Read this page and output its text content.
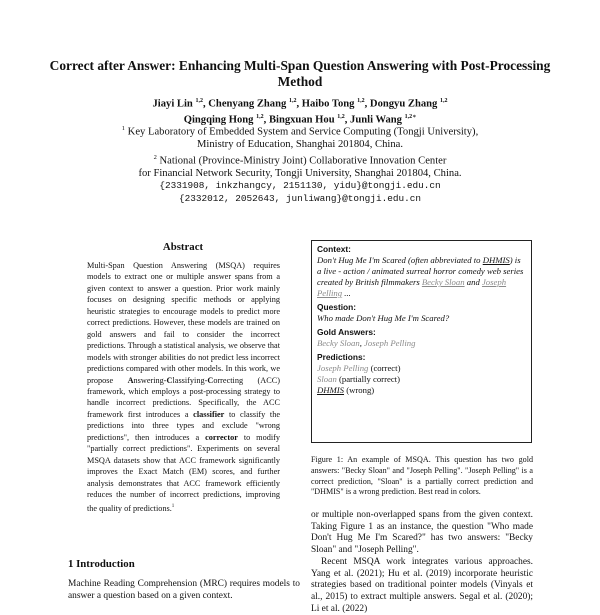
Correct after Answer: Enhancing Multi-Span Question Answering with Post-Processing Method
Jiayi Lin $^{1,2}$, Chenyang Zhang $^{1,2}$, Haibo Tong $^{1,2}$, Dongyu Zhang $^{1,2}$
Qingqing Hong $^{1,2}$, Bingxuan Hou $^{1,2}$, Junli Wang $^{1,2∗}$
$^1$ Key Laboratory of Embedded System and Service Computing (Tongji University),
Ministry of Education, Shanghai 201804, China.
$^2$ National (Province-Ministry Joint) Collaborative Innovation Center
for Financial Network Security, Tongji University, Shanghai 201804, China.
{2331908, inkzhangcy, 2151130, yidu}@tongji.edu.cn
{2332012, 2052643, junliwang}@tongji.edu.cn
Abstract
Multi-Span Question Answering (MSQA) requires models to extract one or multiple answer spans from a given context to answer a question. Prior work mainly focuses on designing specific methods or applying heuristic strategies to encourage models to predict more correct predictions. However, these models are trained on gold answers and fail to consider the incorrect predictions. Through a statistical analysis, we observe that models with stronger abilities do not predict less incorrect predictions compared with other models. In this work, we propose Answering-Classifying-Correcting (ACC) framework, which employs a post-processing strategy to handle incorrect predictions. Specifically, the ACC framework first introduces a classifier to classify the predictions into three types and exclude "wrong predictions", then introduces a corrector to modify "partially correct predictions". Experiments on several MSQA datasets show that ACC framework significantly improves the Exact Match (EM) scores, and further analysis demonstrates that ACC framework efficiently reduces the number of incorrect predictions, improving the quality of predictions.$^1$
Context:
Don't Hug Me I'm Scared (often abbreviated to DHMIS) is a live - action / animated surreal horror comedy web series created by British filmmakers Becky Sloan and Joseph Pelling ...
Question:
Who made Don't Hug Me I'm Scared?
Gold Answers:
Becky Sloan, Joseph Pelling
Predictions:
Joseph Pelling (correct)
Sloan (partially correct)
DHMIS (wrong)
Figure 1: An example of MSQA. This question has two gold answers: "Becky Sloan" and "Joseph Pelling". "Joseph Pelling" is a correct prediction, "Sloan" is a partially correct prediction and "DHMIS" is a wrong prediction. Best read in colors.
or multiple non-overlapped spans from the given context. Taking Figure 1 as an instance, the question "Who made Don't Hug Me I'm Scared?" has two answers: "Becky Sloan" and "Joseph Pelling".
Recent MSQA work integrates various approaches. Yang et al. (2021); Hu et al. (2019) incorporate heuristic strategies based on traditional pointer models (Vinyals et al., 2015) to extract multiple answers. Segal et al. (2020); Li et al. (2022)
1 Introduction
Machine Reading Comprehension (MRC) requires models to answer a question based on a given context.
